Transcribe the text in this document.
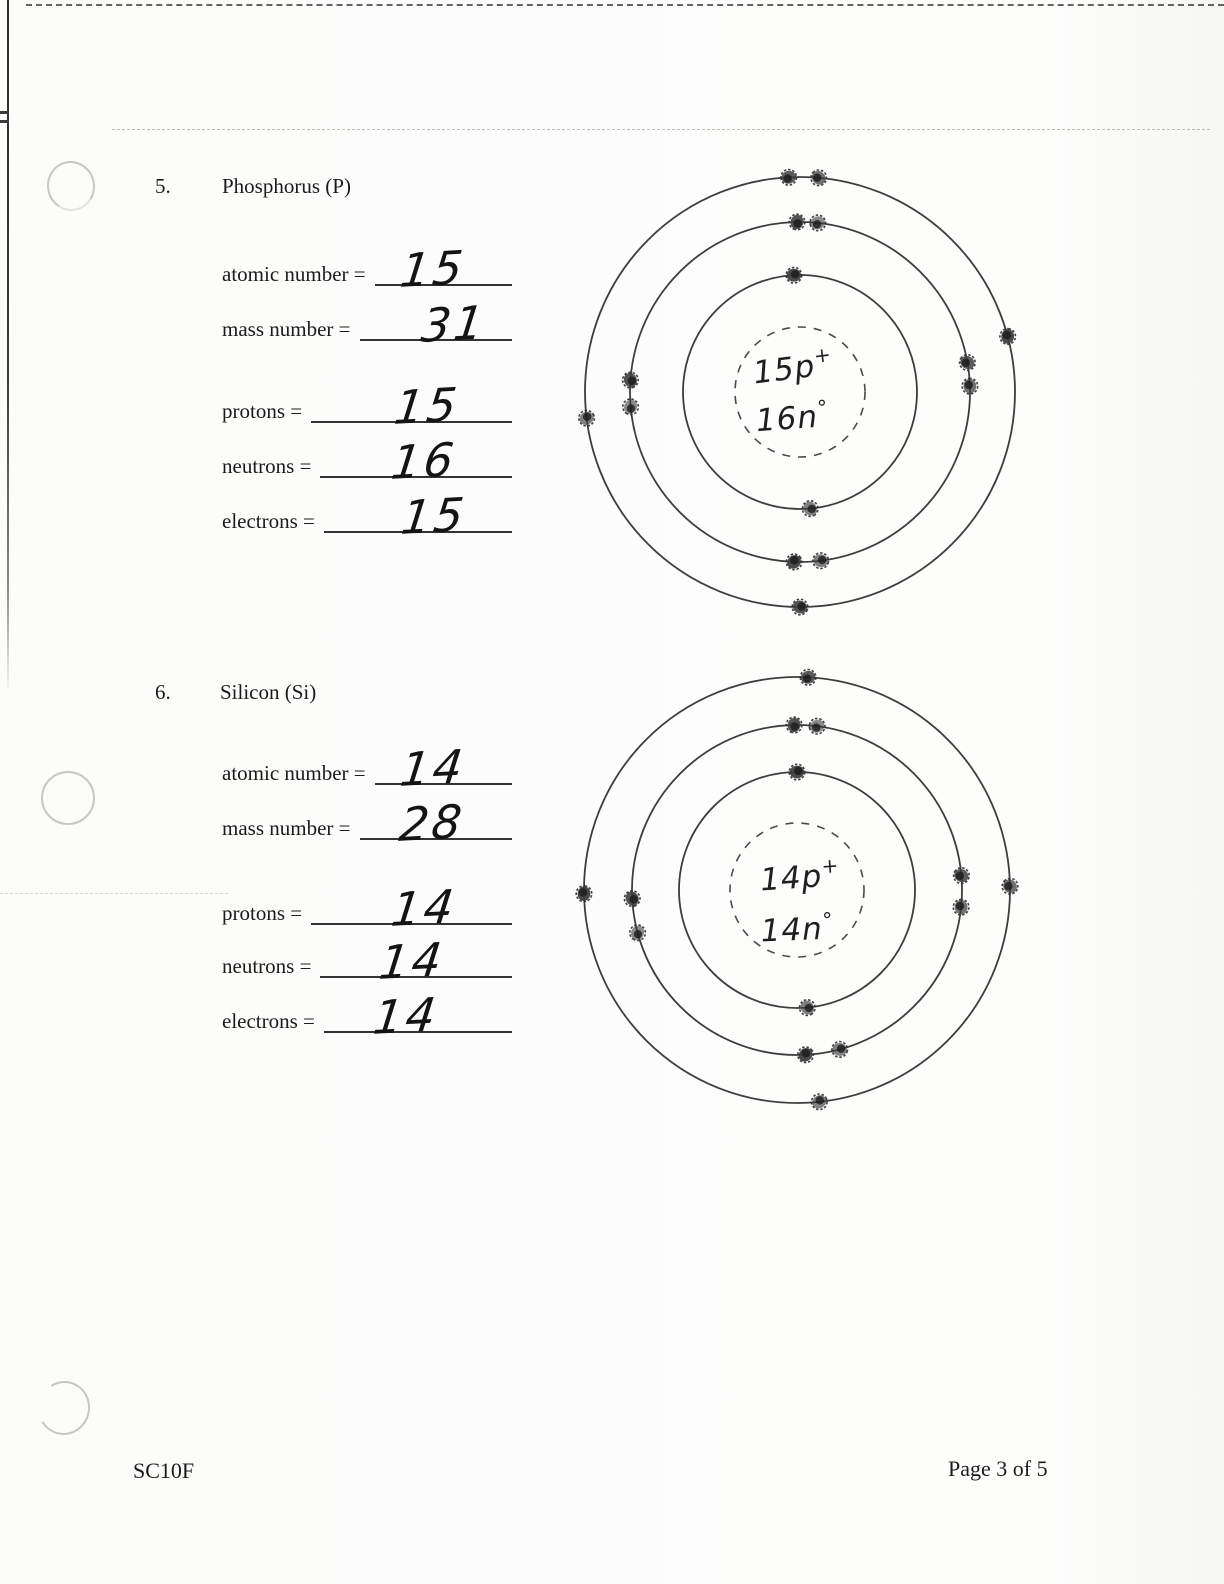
5. Phosphorus (P)
atomic number = 15
mass number = 31
protons = 15
neutrons = 16
electrons = 15
15p+
16n°
6. Silicon (Si)
atomic number = 14
mass number = 28
protons = 14
neutrons = 14
electrons = 14
14p+
14n°
SC10F	Page 3 of 5
